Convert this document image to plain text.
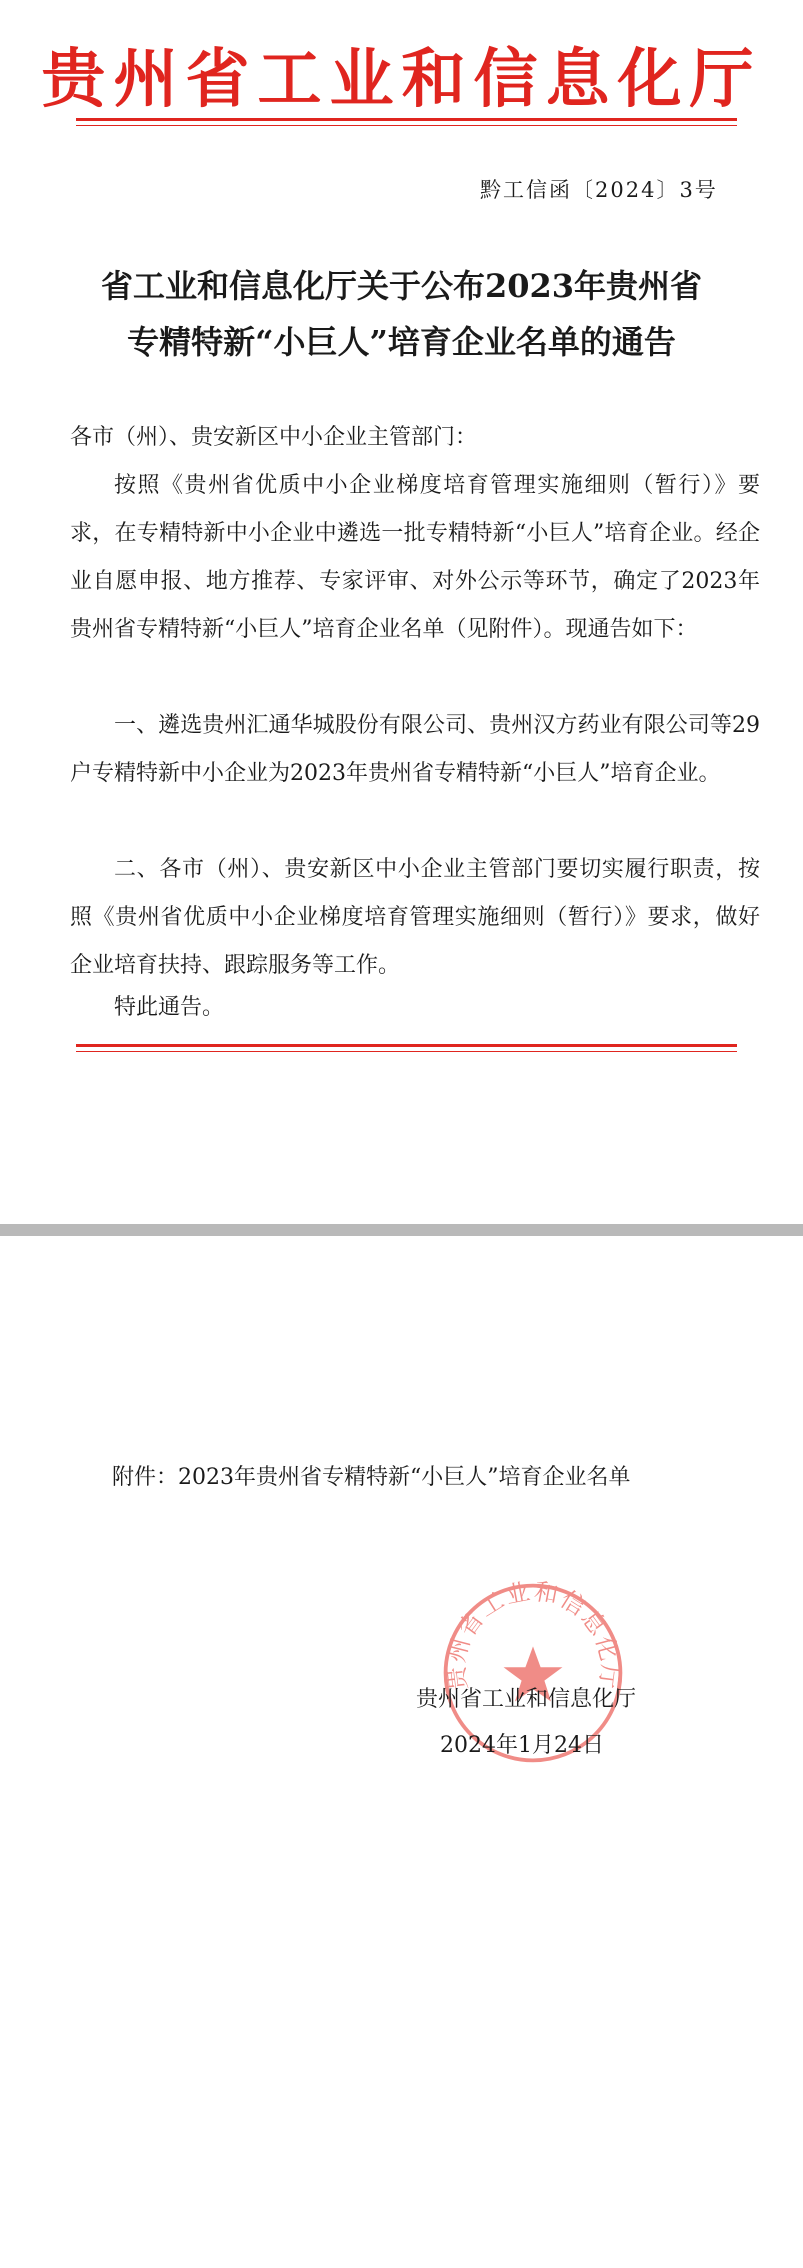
贵州省工业和信息化厅
黔工信函〔2024〕3号
省工业和信息化厅关于公布2023年贵州省
专精特新“小巨人”培育企业名单的通告
各市（州）、贵安新区中小企业主管部门：
按照《贵州省优质中小企业梯度培育管理实施细则（暂行）》要求，在专精特新中小企业中遴选一批专精特新“小巨人”培育企业。经企业自愿申报、地方推荐、专家评审、对外公示等环节，确定了2023年贵州省专精特新“小巨人”培育企业名单（见附件）。现通告如下：
一、遴选贵州汇通华城股份有限公司、贵州汉方药业有限公司等29户专精特新中小企业为2023年贵州省专精特新“小巨人”培育企业。
二、各市（州）、贵安新区中小企业主管部门要切实履行职责，按照《贵州省优质中小企业梯度培育管理实施细则（暂行）》要求，做好企业培育扶持、跟踪服务等工作。
特此通告。
附件：2023年贵州省专精特新“小巨人”培育企业名单
贵州省工业和信息化厅
贵州省工业和信息化厅
2024年1月24日
